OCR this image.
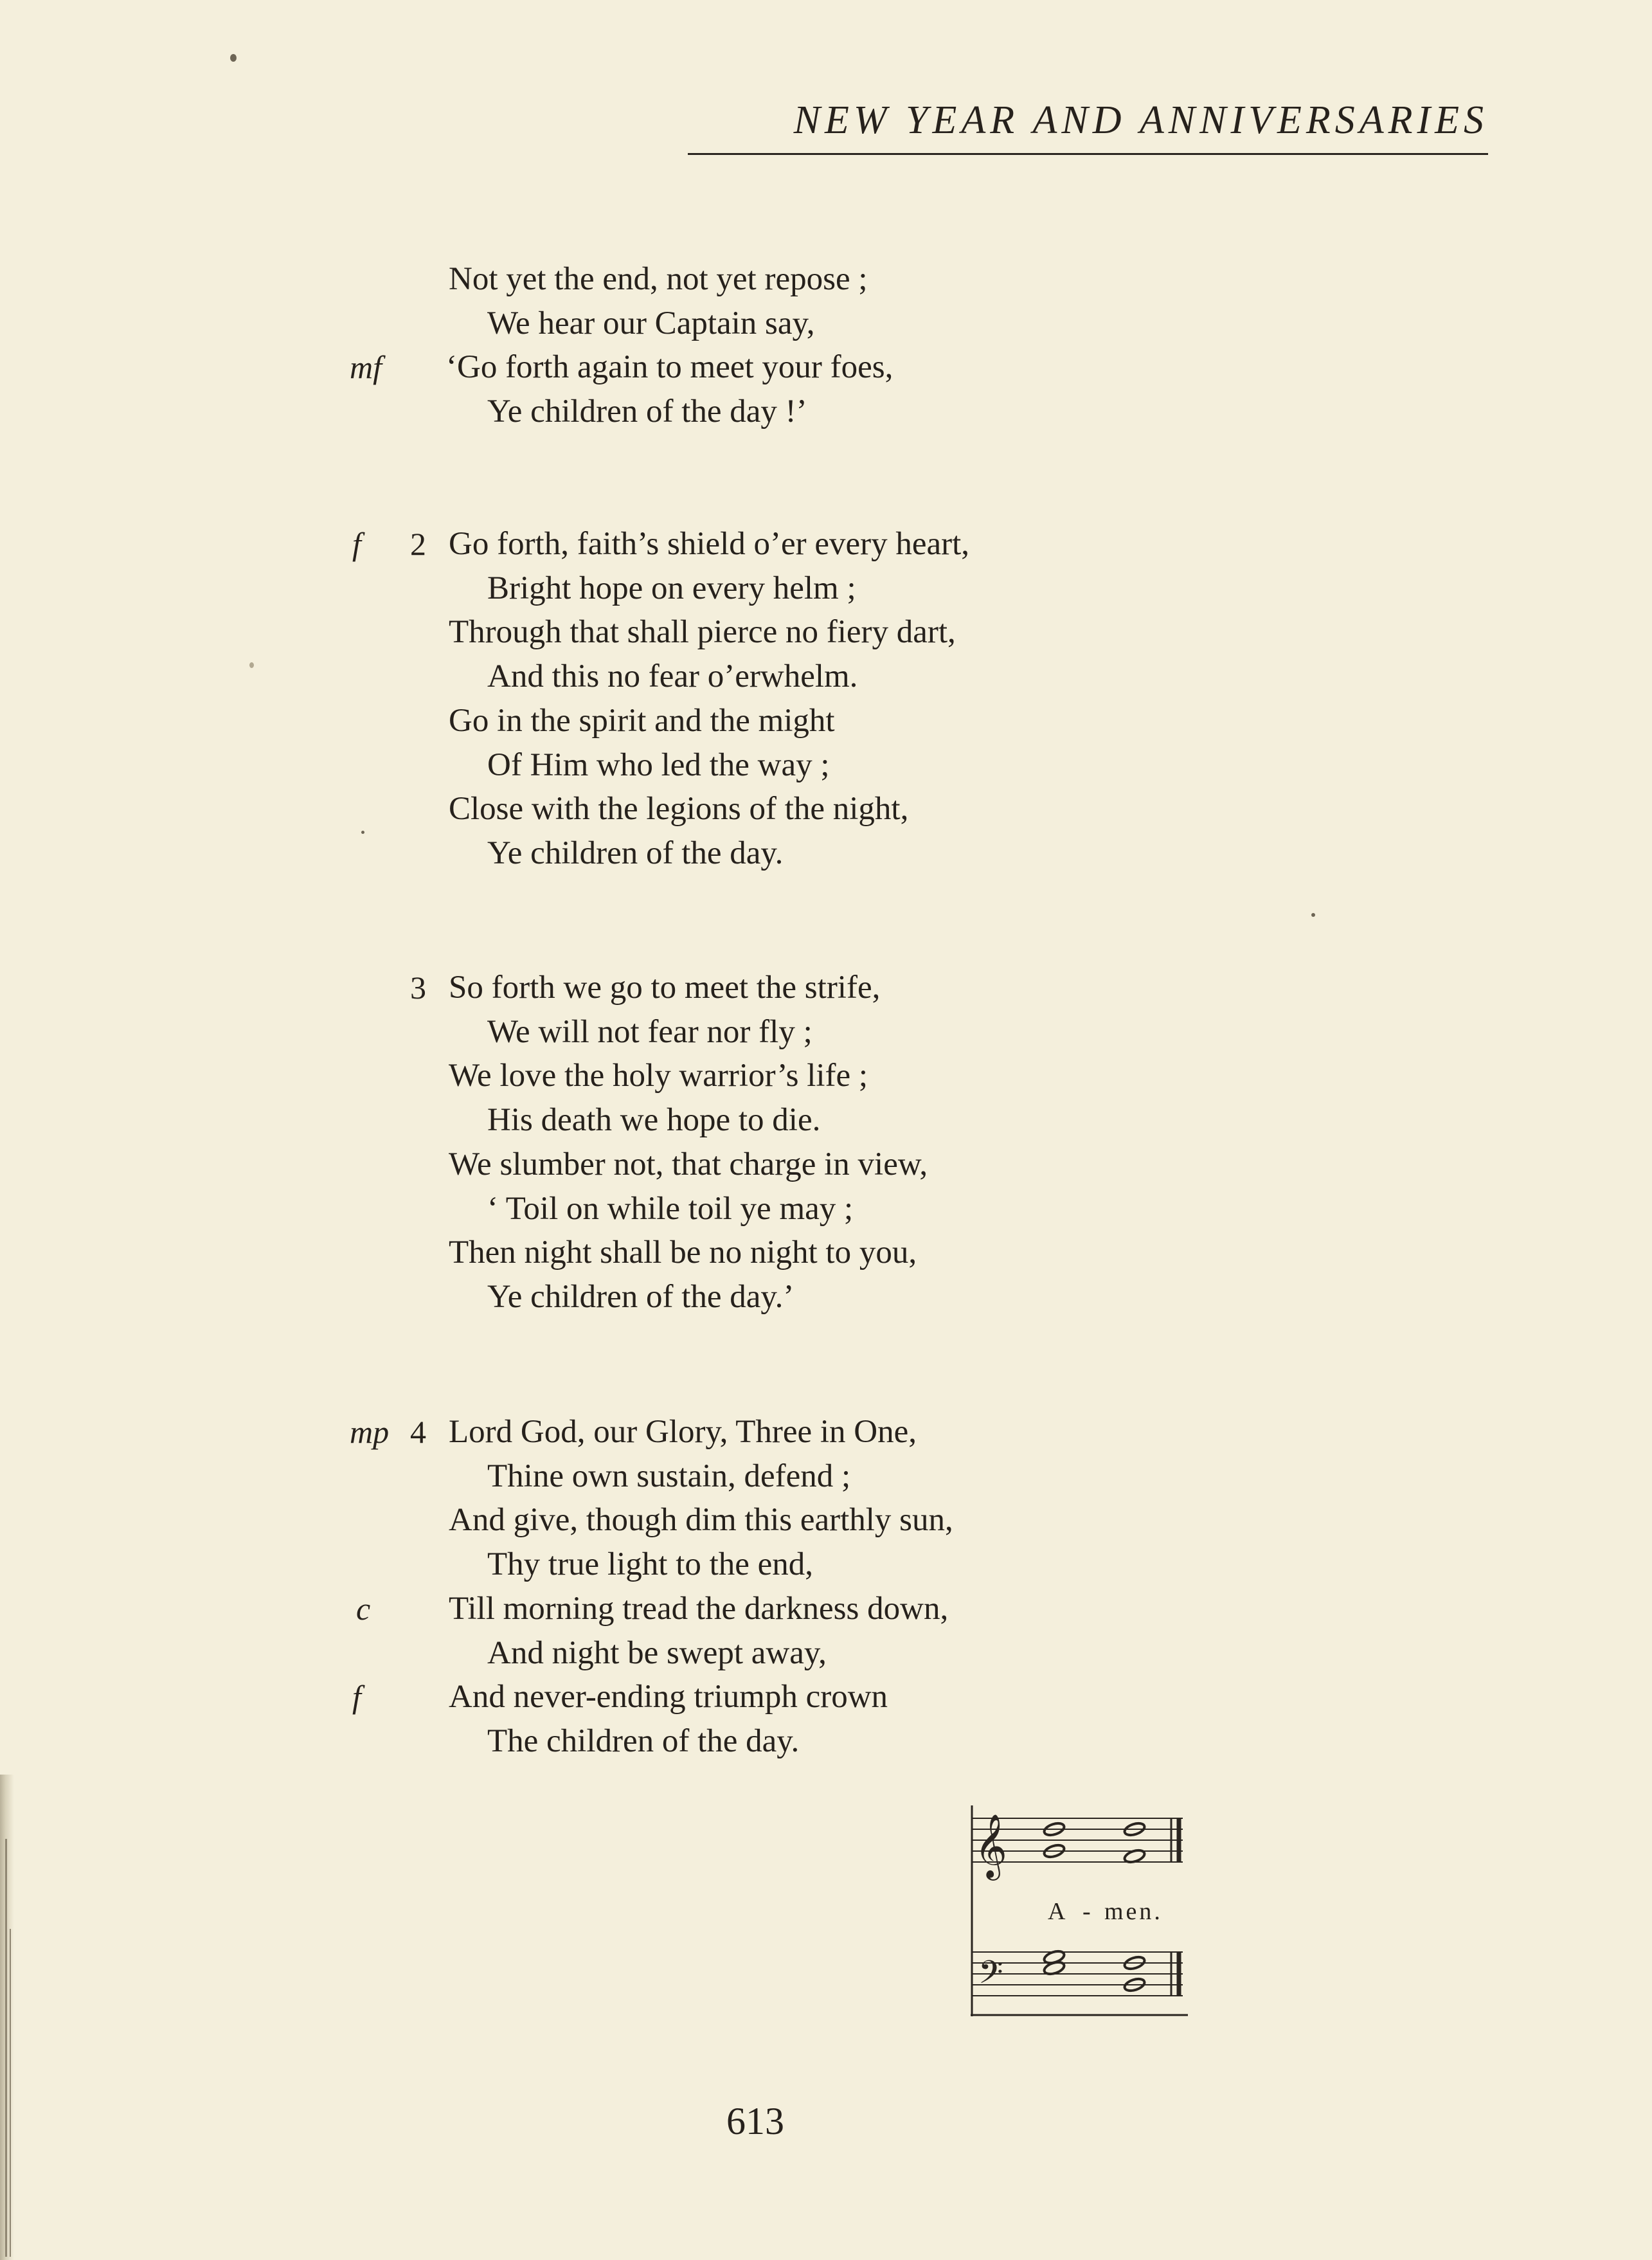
NEW YEAR AND ANNIVERSARIES
Not yet the end, not yet repose ;
We hear our Captain say,
‘Go forth again to meet your foes,
mf
Ye children of the day !’
2 Go forth, faith’s shield o’er every heart,
f
Bright hope on every helm ;
Through that shall pierce no fiery dart,
And this no fear o’erwhelm.
Go in the spirit and the might
Of Him who led the way ;
Close with the legions of the night,
Ye children of the day.
3 So forth we go to meet the strife,
We will not fear nor fly ;
We love the holy warrior’s life ;
His death we hope to die.
We slumber not, that charge in view,
‘ Toil on while toil ye may ;
Then night shall be no night to you,
Ye children of the day.’
4 Lord God, our Glory, Three in One,
mp
Thine own sustain, defend ;
And give, though dim this earthly sun,
Thy true light to the end,
Till morning tread the darkness down,
c
And night be swept away,
And never-ending triumph crown
f
The children of the day.
𝄞
𝄢
A - men.
613
